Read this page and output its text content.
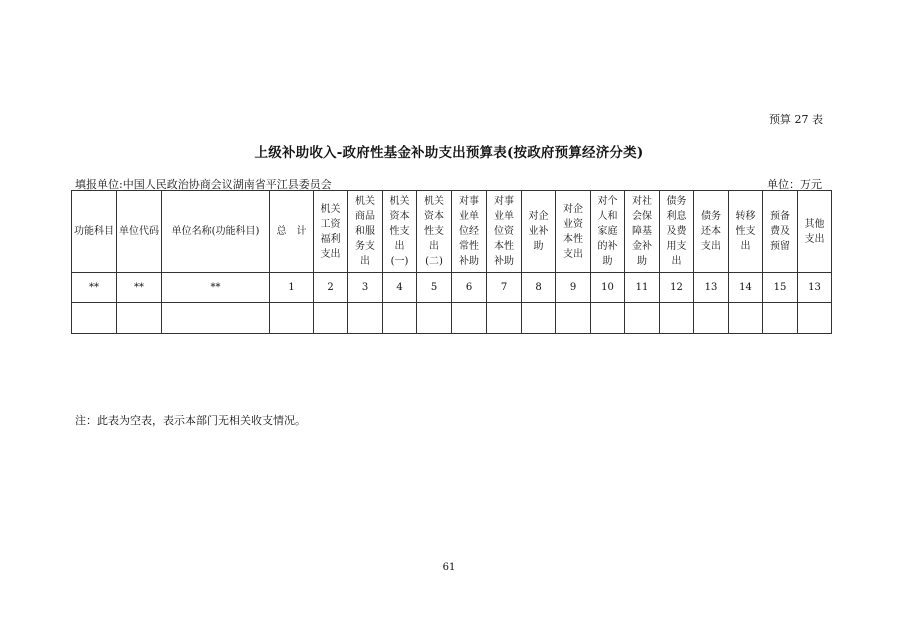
预算 27 表
上级补助收入-政府性基金补助支出预算表(按政府预算经济分类)
填报单位:中国人民政治协商会议湖南省平江县委员会	单位：万元
功能科目	单位代码	单位名称(功能科目)	总　计	机关工资福利支出	机关商品和服务支出	机关资本性支出(一)	机关资本性支出(二)	对事业单位经常性补助	对事业单位资本性补助	对企业补助	对企业资本性支出	对个人和家庭的补助	对社会保障基金补助	债务利息及费用支出	债务还本支出	转移性支出	预备费及预留	其他支出
**	**	**	1	2	3	4	5	6	7	8	9	10	11	12	13	14	15	13

注：此表为空表，表示本部门无相关收支情况。
61
